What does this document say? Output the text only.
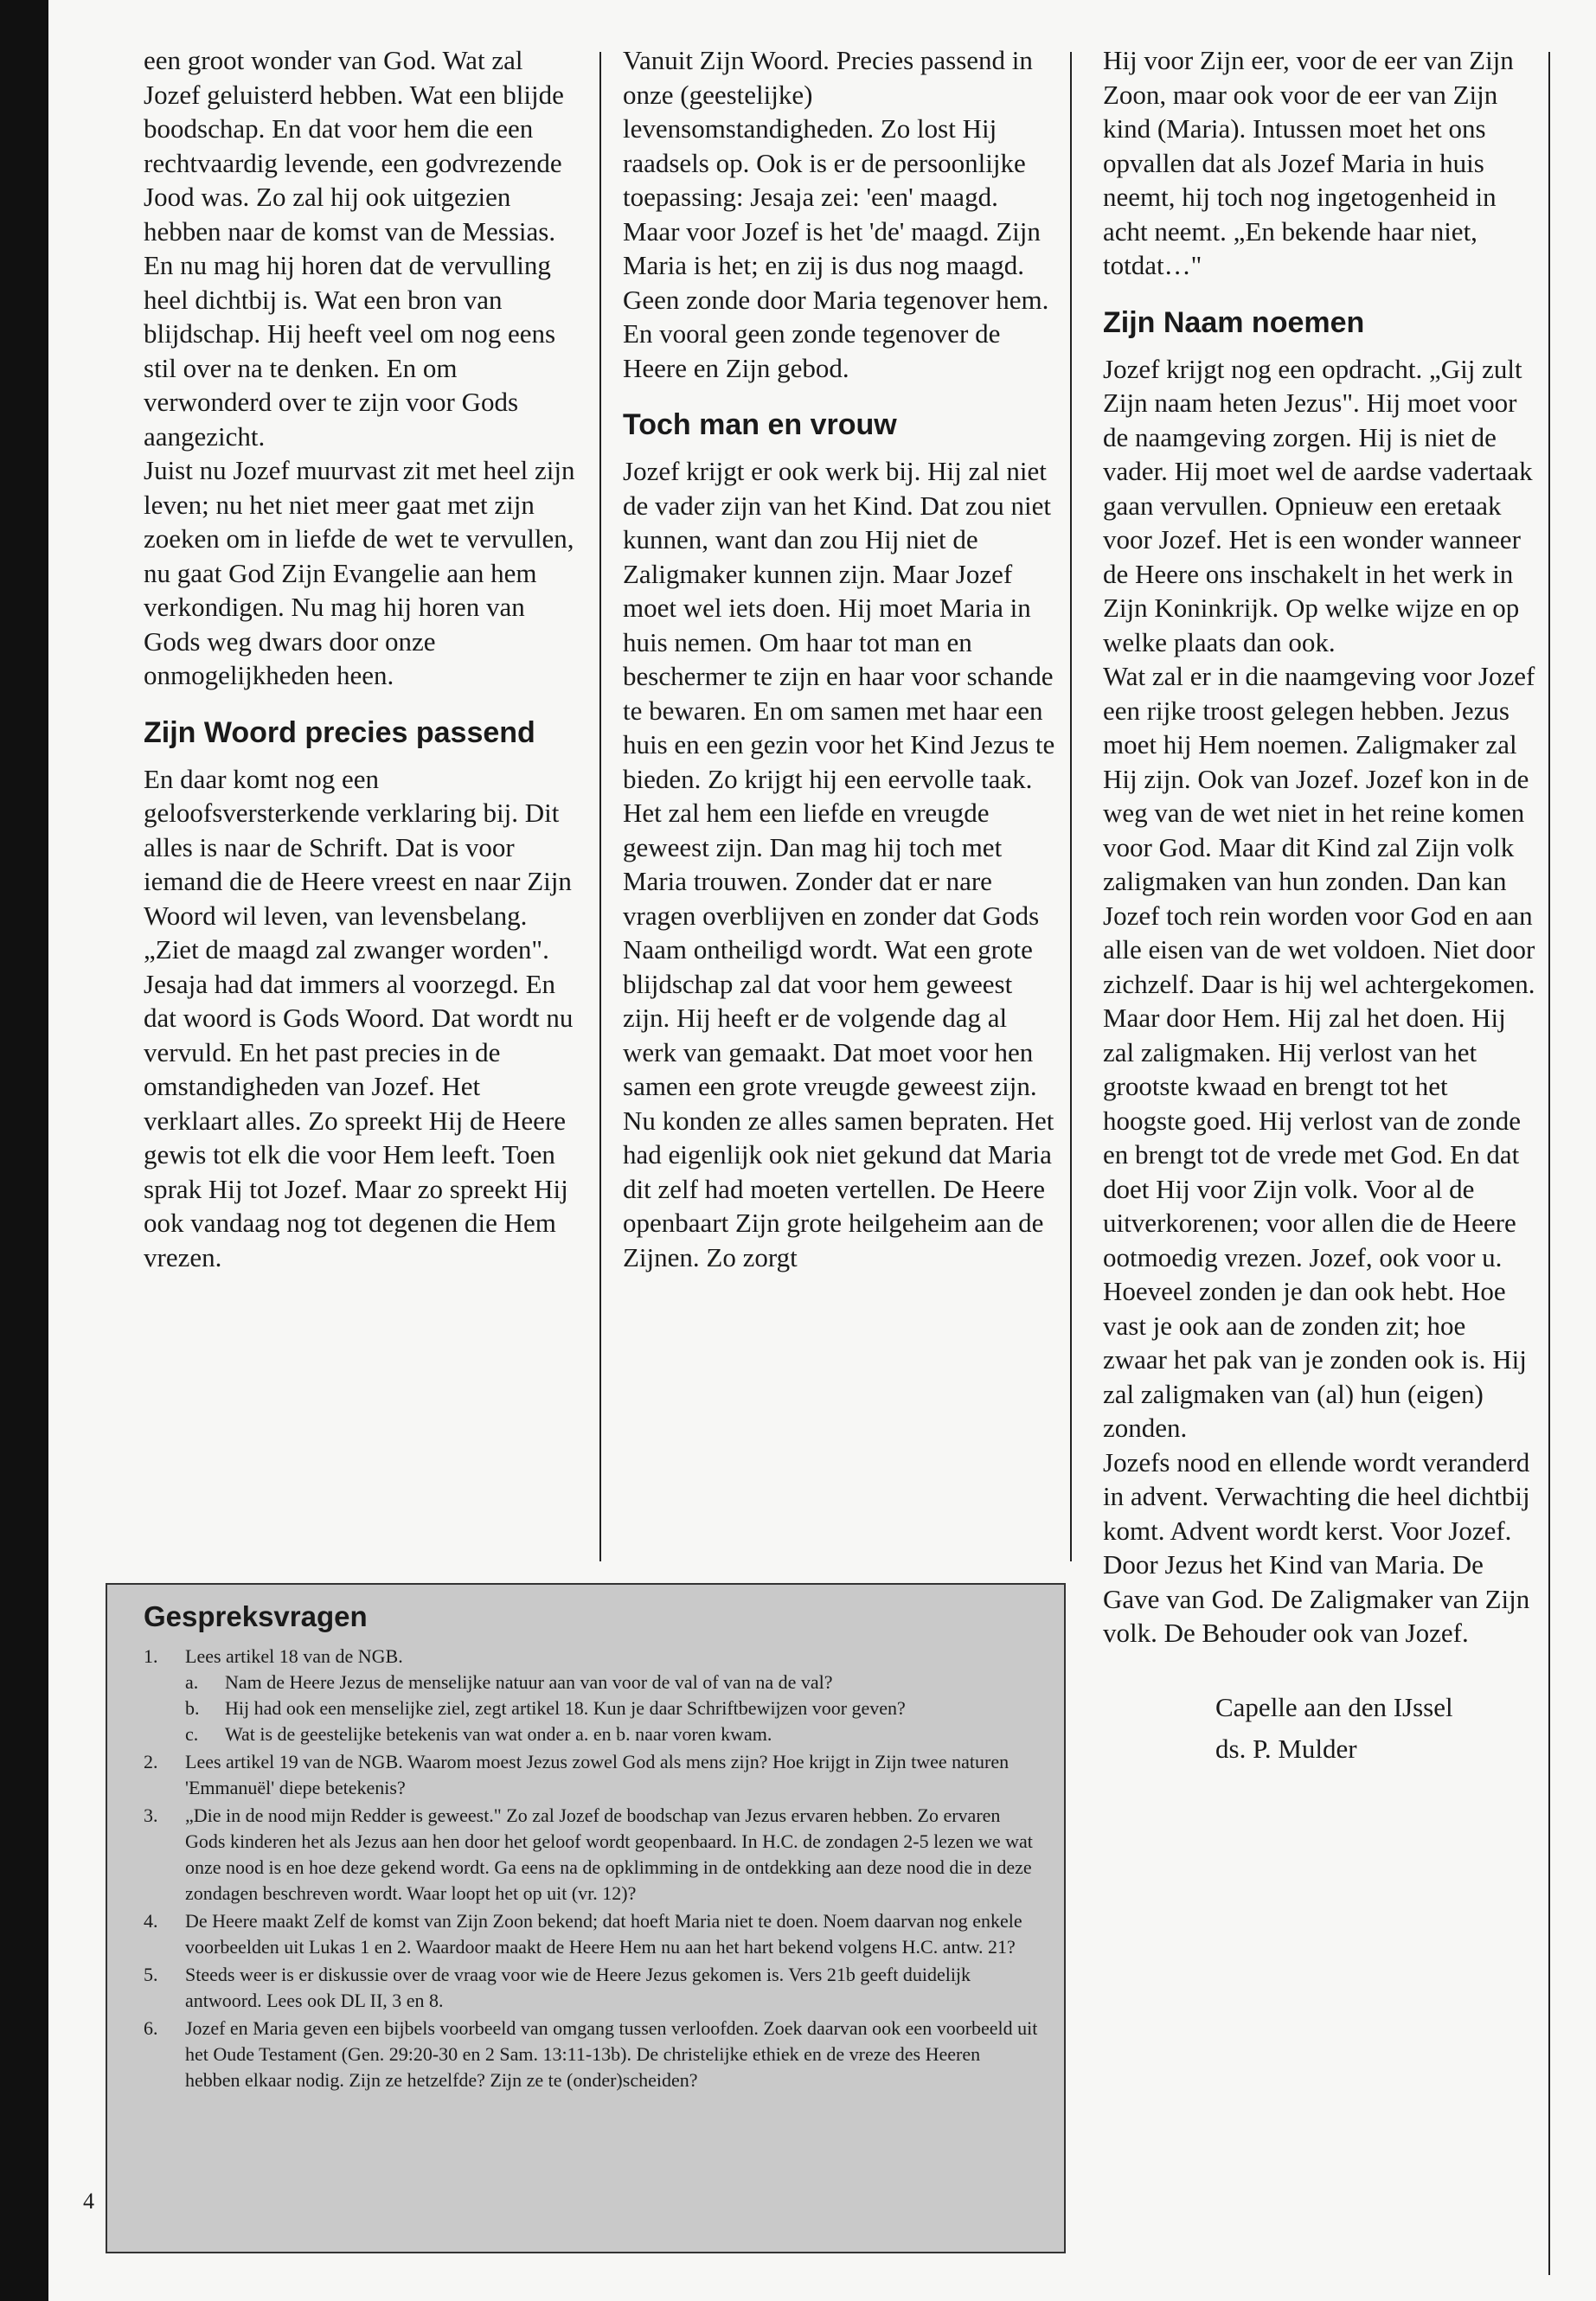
een groot wonder van God. Wat zal Jozef geluisterd hebben. Wat een blijde boodschap. En dat voor hem die een rechtvaardig levende, een godvrezende Jood was. Zo zal hij ook uitgezien hebben naar de komst van de Messias. En nu mag hij horen dat de vervulling heel dichtbij is. Wat een bron van blijdschap. Hij heeft veel om nog eens stil over na te denken. En om verwonderd over te zijn voor Gods aangezicht.

Juist nu Jozef muurvast zit met heel zijn leven; nu het niet meer gaat met zijn zoeken om in liefde de wet te vervullen, nu gaat God Zijn Evangelie aan hem verkondigen. Nu mag hij horen van Gods weg dwars door onze onmogelijkheden heen.

Zijn Woord precies passend

En daar komt nog een geloofsversterkende verklaring bij. Dit alles is naar de Schrift. Dat is voor iemand die de Heere vreest en naar Zijn Woord wil leven, van levensbelang. „Ziet de maagd zal zwanger worden". Jesaja had dat immers al voorzegd. En dat woord is Gods Woord. Dat wordt nu vervuld. En het past precies in de omstandigheden van Jozef. Het verklaart alles. Zo spreekt Hij de Heere gewis tot elk die voor Hem leeft. Toen sprak Hij tot Jozef. Maar zo spreekt Hij ook vandaag nog tot degenen die Hem vrezen.

Vanuit Zijn Woord. Precies passend in onze (geestelijke) levensomstandigheden. Zo lost Hij raadsels op. Ook is er de persoonlijke toepassing: Jesaja zei: 'een' maagd. Maar voor Jozef is het 'de' maagd. Zijn Maria is het; en zij is dus nog maagd. Geen zonde door Maria tegenover hem. En vooral geen zonde tegenover de Heere en Zijn gebod.

Toch man en vrouw

Jozef krijgt er ook werk bij. Hij zal niet de vader zijn van het Kind. Dat zou niet kunnen, want dan zou Hij niet de Zaligmaker kunnen zijn. Maar Jozef moet wel iets doen. Hij moet Maria in huis nemen. Om haar tot man en beschermer te zijn en haar voor schande te bewaren. En om samen met haar een huis en een gezin voor het Kind Jezus te bieden. Zo krijgt hij een eervolle taak. Het zal hem een liefde en vreugde geweest zijn. Dan mag hij toch met Maria trouwen. Zonder dat er nare vragen overblijven en zonder dat Gods Naam ontheiligd wordt. Wat een grote blijdschap zal dat voor hem geweest zijn. Hij heeft er de volgende dag al werk van gemaakt. Dat moet voor hen samen een grote vreugde geweest zijn. Nu konden ze alles samen bepraten. Het had eigenlijk ook niet gekund dat Maria dit zelf had moeten vertellen. De Heere openbaart Zijn grote heilgeheim aan de Zijnen. Zo zorgt

Hij voor Zijn eer, voor de eer van Zijn Zoon, maar ook voor de eer van Zijn kind (Maria). Intussen moet het ons opvallen dat als Jozef Maria in huis neemt, hij toch nog ingetogenheid in acht neemt. „En bekende haar niet, totdat…"

Zijn Naam noemen

Jozef krijgt nog een opdracht. „Gij zult Zijn naam heten Jezus". Hij moet voor de naamgeving zorgen. Hij is niet de vader. Hij moet wel de aardse vadertaak gaan vervullen. Opnieuw een eretaak voor Jozef. Het is een wonder wanneer de Heere ons inschakelt in het werk in Zijn Koninkrijk. Op welke wijze en op welke plaats dan ook.

Wat zal er in die naamgeving voor Jozef een rijke troost gelegen hebben. Jezus moet hij Hem noemen. Zaligmaker zal Hij zijn. Ook van Jozef. Jozef kon in de weg van de wet niet in het reine komen voor God. Maar dit Kind zal Zijn volk zaligmaken van hun zonden. Dan kan Jozef toch rein worden voor God en aan alle eisen van de wet voldoen. Niet door zichzelf. Daar is hij wel achtergekomen. Maar door Hem. Hij zal het doen. Hij zal zaligmaken. Hij verlost van het grootste kwaad en brengt tot het hoogste goed. Hij verlost van de zonde en brengt tot de vrede met God. En dat doet Hij voor Zijn volk. Voor al de uitverkorenen; voor allen die de Heere ootmoedig vrezen. Jozef, ook voor u.

Hoeveel zonden je dan ook hebt. Hoe vast je ook aan de zonden zit; hoe zwaar het pak van je zonden ook is. Hij zal zaligmaken van (al) hun (eigen) zonden.

Jozefs nood en ellende wordt veranderd in advent. Verwachting die heel dichtbij komt. Advent wordt kerst. Voor Jozef. Door Jezus het Kind van Maria. De Gave van God. De Zaligmaker van Zijn volk. De Behouder ook van Jozef.

Capelle aan den IJssel
ds. P. Mulder
Gespreksvragen
1.	Lees artikel 18 van de NGB.
a.	Nam de Heere Jezus de menselijke natuur aan van voor de val of van na de val?
b.	Hij had ook een menselijke ziel, zegt artikel 18. Kun je daar Schriftbewijzen voor geven?
c.	Wat is de geestelijke betekenis van wat onder a. en b. naar voren kwam.
2.	Lees artikel 19 van de NGB. Waarom moest Jezus zowel God als mens zijn? Hoe krijgt in Zijn twee naturen 'Emmanuël' diepe betekenis?
3.	„Die in de nood mijn Redder is geweest." Zo zal Jozef de boodschap van Jezus ervaren hebben. Zo ervaren Gods kinderen het als Jezus aan hen door het geloof wordt geopenbaard. In H.C. de zondagen 2-5 lezen we wat onze nood is en hoe deze gekend wordt. Ga eens na de opklimming in de ontdekking aan deze nood die in deze zondagen beschreven wordt. Waar loopt het op uit (vr. 12)?
4.	De Heere maakt Zelf de komst van Zijn Zoon bekend; dat hoeft Maria niet te doen. Noem daarvan nog enkele voorbeelden uit Lukas 1 en 2. Waardoor maakt de Heere Hem nu aan het hart bekend volgens H.C. antw. 21?
5.	Steeds weer is er diskussie over de vraag voor wie de Heere Jezus gekomen is. Vers 21b geeft duidelijk antwoord. Lees ook DL II, 3 en 8.
6.	Jozef en Maria geven een bijbels voorbeeld van omgang tussen verloofden. Zoek daarvan ook een voorbeeld uit het Oude Testament (Gen. 29:20-30 en 2 Sam. 13:11-13b). De christelijke ethiek en de vreze des Heeren hebben elkaar nodig. Zijn ze hetzelfde? Zijn ze te (onder)scheiden?
4
